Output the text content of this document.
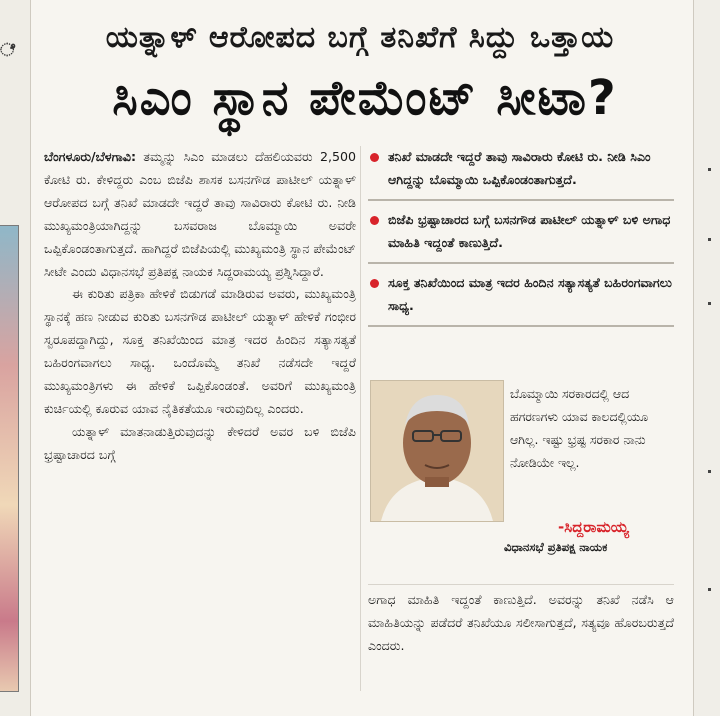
ೆ	ಯತ್ನಾಳ್ ಆರೋಪದ ಬಗ್ಗೆ ತನಿಖೆಗೆ ಸಿದ್ದು ಒತ್ತಾಯ
ಸಿಎಂ ಸ್ಥಾನ ಪೇಮೆಂಟ್ ಸೀಟಾ?

ಬೆಂಗಳೂರು/ಬೆಳಗಾವಿ: ತಮ್ಮನ್ನು ಸಿಎಂ ಮಾಡಲು ದೆಹಲಿಯವರು 2,500 ಕೋಟಿ ರು. ಕೇಳಿದ್ದರು ಎಂಬ ಬಿಜೆಪಿ ಶಾಸಕ ಬಸನಗೌಡ ಪಾಟೀಲ್ ಯತ್ನಾಳ್ ಆರೋಪದ ಬಗ್ಗೆ ತನಿಖೆ ಮಾಡದೇ ಇದ್ದರೆ ತಾವು ಸಾವಿರಾರು ಕೋಟಿ ರು. ನೀಡಿ ಮುಖ್ಯಮಂತ್ರಿಯಾಗಿದ್ದನ್ನು ಬಸವರಾಜ ಬೊಮ್ಮಾಯಿ ಅವರೇ ಒಪ್ಪಿಕೊಂಡಂತಾಗುತ್ತದೆ. ಹಾಗಿದ್ದರೆ ಬಿಜೆಪಿಯಲ್ಲಿ ಮುಖ್ಯಮಂತ್ರಿ ಸ್ಥಾನ ಪೇಮೆಂಟ್ ಸೀಟೇ ಎಂದು ವಿಧಾನಸಭೆ ಪ್ರತಿಪಕ್ಷ ನಾಯಕ ಸಿದ್ದರಾಮಯ್ಯ ಪ್ರಶ್ನಿಸಿದ್ದಾರೆ.

ಈ ಕುರಿತು ಪತ್ರಿಕಾ ಹೇಳಿಕೆ ಬಿಡುಗಡೆ ಮಾಡಿರುವ ಅವರು, ಮುಖ್ಯಮಂತ್ರಿ ಸ್ಥಾನಕ್ಕೆ ಹಣ ನೀಡುವ ಕುರಿತು ಬಸನಗೌಡ ಪಾಟೀಲ್ ಯತ್ನಾಳ್ ಹೇಳಿಕೆ ಗಂಭೀರ ಸ್ವರೂಪದ್ದಾಗಿದ್ದು, ಸೂಕ್ತ ತನಿಖೆಯಿಂದ ಮಾತ್ರ ಇದರ ಹಿಂದಿನ ಸತ್ಯಾಸತ್ಯತೆ ಬಹಿರಂಗವಾಗಲು ಸಾಧ್ಯ. ಒಂದೊಮ್ಮೆ ತನಿಖೆ ನಡೆಸದೇ ಇದ್ದರೆ ಮುಖ್ಯಮಂತ್ರಿಗಳು ಈ ಹೇಳಿಕೆ ಒಪ್ಪಿಕೊಂಡಂತೆ. ಅವರಿಗೆ ಮುಖ್ಯಮಂತ್ರಿ ಕುರ್ಚಿಯಲ್ಲಿ ಕೂರುವ ಯಾವ ನೈತಿಕತೆಯೂ ಇರುವುದಿಲ್ಲ ಎಂದರು.

ಯತ್ನಾಳ್ ಮಾತನಾಡುತ್ತಿರುವುದನ್ನು ಕೇಳಿದರೆ ಅವರ ಬಳಿ ಬಿಜೆಪಿ ಭ್ರಷ್ಟಾಚಾರದ ಬಗ್ಗೆ

ತನಿಖೆ ಮಾಡದೇ ಇದ್ದರೆ ತಾವು ಸಾವಿರಾರು ಕೋಟಿ ರು. ನೀಡಿ ಸಿಎಂ ಆಗಿದ್ದನ್ನು ಬೊಮ್ಮಾಯಿ ಒಪ್ಪಿಕೊಂಡಂತಾಗುತ್ತದೆ.
ಬಿಜೆಪಿ ಭ್ರಷ್ಟಾಚಾರದ ಬಗ್ಗೆ ಬಸನಗೌಡ ಪಾಟೀಲ್ ಯತ್ನಾಳ್ ಬಳಿ ಅಗಾಧ ಮಾಹಿತಿ ಇದ್ದಂತೆ ಕಾಣುತ್ತಿದೆ.
ಸೂಕ್ತ ತನಿಖೆಯಿಂದ ಮಾತ್ರ ಇದರ ಹಿಂದಿನ ಸತ್ಯಾಸತ್ಯತೆ ಬಹಿರಂಗವಾಗಲು ಸಾಧ್ಯ.
ಬೊಮ್ಮಾಯಿ ಸರಕಾರದಲ್ಲಿ ಆದ ಹಗರಣಗಳು ಯಾವ ಕಾಲದಲ್ಲಿಯೂ ಆಗಿಲ್ಲ. ಇಷ್ಟು ಭ್ರಷ್ಟ ಸರಕಾರ ನಾನು ನೋಡಿಯೇ ಇಲ್ಲ.
-ಸಿದ್ದರಾಮಯ್ಯ
ವಿಧಾನಸಭೆ ಪ್ರತಿಪಕ್ಷ ನಾಯಕ
ಅಗಾಧ ಮಾಹಿತಿ ಇದ್ದಂತೆ ಕಾಣುತ್ತಿದೆ. ಅವರನ್ನು ತನಿಖೆ ನಡೆಸಿ ಆ ಮಾಹಿತಿಯನ್ನು ಪಡೆದರೆ ತನಿಖೆಯೂ ಸಲೀಸಾಗುತ್ತದೆ, ಸತ್ಯವೂ ಹೊರಬರುತ್ತದೆ ಎಂದರು.
